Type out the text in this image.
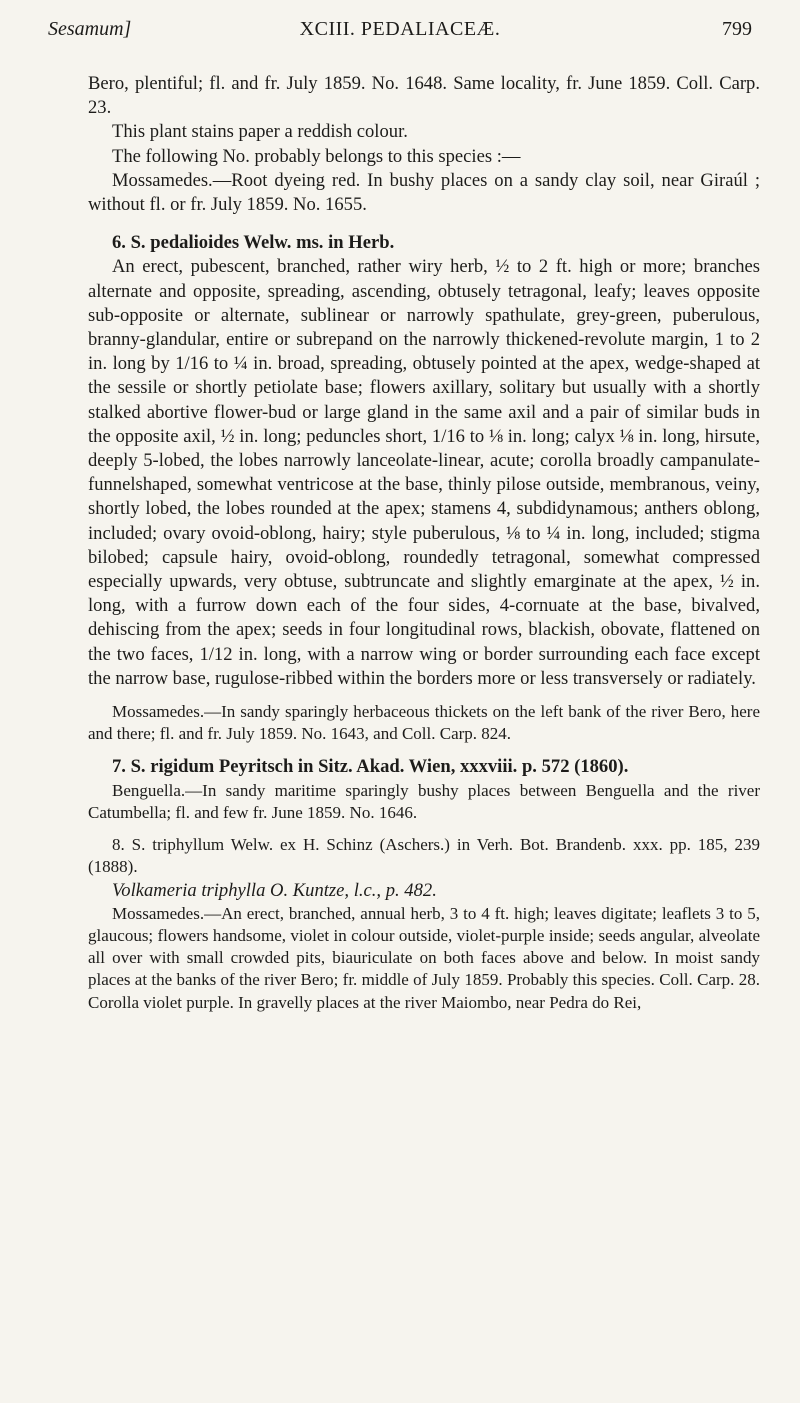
Sesamum]	XCIII. PEDALIACEÆ.	799

Bero, plentiful; fl. and fr. July 1859. No. 1648. Same locality, fr. June 1859. Coll. Carp. 23.

This plant stains paper a reddish colour.

The following No. probably belongs to this species :—

Mossamedes.—Root dyeing red. In bushy places on a sandy clay soil, near Giraúl ; without fl. or fr. July 1859. No. 1655.

6. S. pedalioides Welw. ms. in Herb.

An erect, pubescent, branched, rather wiry herb, ½ to 2 ft. high or more; branches alternate and opposite, spreading, ascending, obtusely tetragonal, leafy; leaves opposite sub-opposite or alternate, sublinear or narrowly spathulate, grey-green, puberulous, branny-glandular, entire or subrepand on the narrowly thickened-revolute margin, 1 to 2 in. long by 1/16 to ¼ in. broad, spreading, obtusely pointed at the apex, wedge-shaped at the sessile or shortly petiolate base; flowers axillary, solitary but usually with a shortly stalked abortive flower-bud or large gland in the same axil and a pair of similar buds in the opposite axil, ½ in. long; peduncles short, 1/16 to ⅛ in. long; calyx ⅛ in. long, hirsute, deeply 5-lobed, the lobes narrowly lanceolate-linear, acute; corolla broadly campanulate-funnelshaped, somewhat ventricose at the base, thinly pilose outside, membranous, veiny, shortly lobed, the lobes rounded at the apex; stamens 4, subdidynamous; anthers oblong, included; ovary ovoid-oblong, hairy; style puberulous, ⅛ to ¼ in. long, included; stigma bilobed; capsule hairy, ovoid-oblong, roundedly tetragonal, somewhat compressed especially upwards, very obtuse, subtruncate and slightly emarginate at the apex, ½ in. long, with a furrow down each of the four sides, 4-cornuate at the base, bivalved, dehiscing from the apex; seeds in four longitudinal rows, blackish, obovate, flattened on the two faces, 1/12 in. long, with a narrow wing or border surrounding each face except the narrow base, rugulose-ribbed within the borders more or less transversely or radiately.

Mossamedes.—In sandy sparingly herbaceous thickets on the left bank of the river Bero, here and there; fl. and fr. July 1859. No. 1643, and Coll. Carp. 824.

7. S. rigidum Peyritsch in Sitz. Akad. Wien, xxxviii. p. 572 (1860).

Benguella.—In sandy maritime sparingly bushy places between Benguella and the river Catumbella; fl. and few fr. June 1859. No. 1646.

8. S. triphyllum Welw. ex H. Schinz (Aschers.) in Verh. Bot. Brandenb. xxx. pp. 185, 239 (1888).

Volkameria triphylla O. Kuntze, l.c., p. 482.

Mossamedes.—An erect, branched, annual herb, 3 to 4 ft. high; leaves digitate; leaflets 3 to 5, glaucous; flowers handsome, violet in colour outside, violet-purple inside; seeds angular, alveolate all over with small crowded pits, biauriculate on both faces above and below. In moist sandy places at the banks of the river Bero; fr. middle of July 1859. Probably this species. Coll. Carp. 28. Corolla violet purple. In gravelly places at the river Maiombo, near Pedra do Rei,
